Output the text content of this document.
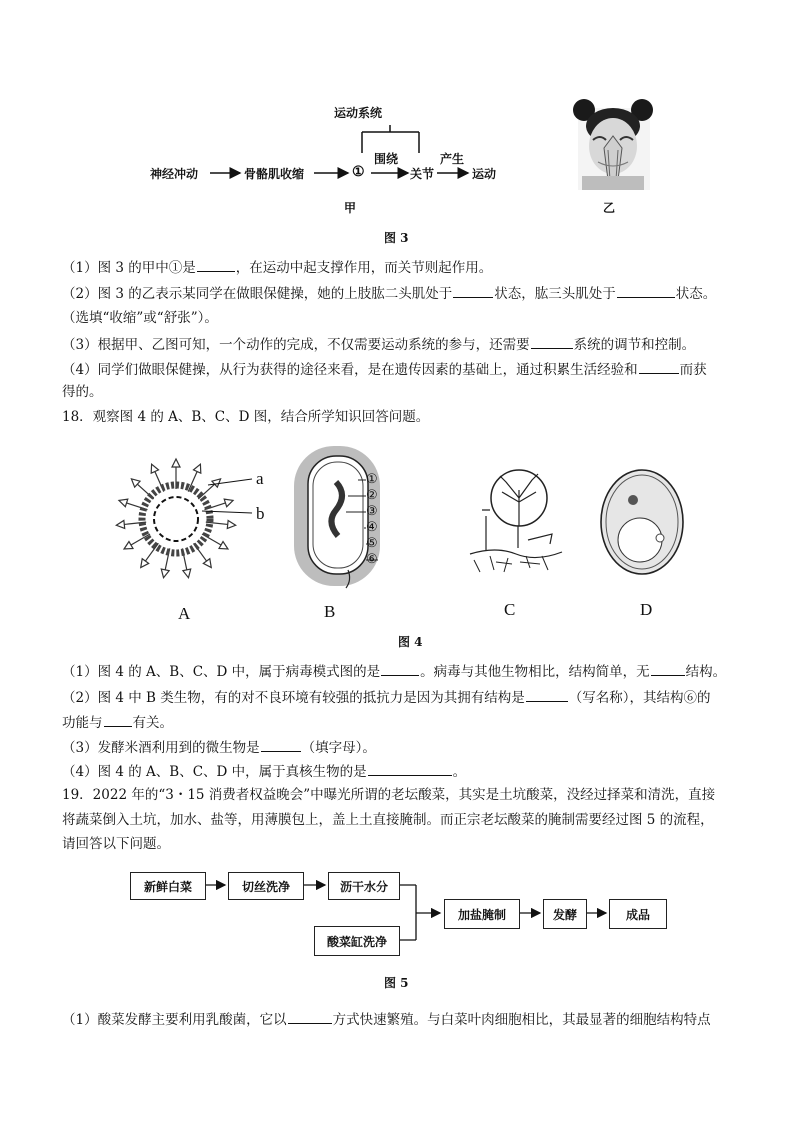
运动系统
神经冲动	骨骼肌收缩	①
围绕
关节
产生
运动
甲	乙
图 3
（1）图 3 的甲中①是	，在运动中起支撑作用，而关节则起作用。
（2）图 3 的乙表示某同学在做眼保健操，她的上肢肱二头肌处于	状态，肱三头肌处于	状态。
（选填“收缩”或“舒张”）。
（3）根据甲、乙图可知，一个动作的完成，不仅需要运动系统的参与，还需要	系统的调节和控制。
（4）同学们做眼保健操，从行为获得的途径来看，是在遗传因素的基础上，通过积累生活经验和	而获
得的。
18．观察图 4 的 A、B、C、D 图，结合所学知识回答问题。
a
b
①
②
③
④
⑤
⑥
A	B	C	D
图 4
（1）图 4 的 A、B、C、D 中，属于病毒模式图的是	。病毒与其他生物相比，结构简单，无	结构。
（2）图 4 中 B 类生物，有的对不良环境有较强的抵抗力是因为其拥有结构是	（写名称），其结构⑥的
功能与 有关。
（3）发酵米酒利用到的微生物是	（填字母）。
（4）图 4 的 A、B、C、D 中，属于真核生物的是	。
19．2022 年的“3・15 消费者权益晚会”中曝光所谓的老坛酸菜，其实是土坑酸菜，没经过择菜和清洗，直接
将蔬菜倒入土坑，加水、盐等，用薄膜包上，盖上土直接腌制。而正宗老坛酸菜的腌制需要经过图 5 的流程，
请回答以下问题。
新鲜白菜	切丝洗净	沥干水分
酸菜缸洗净
加盐腌制	发酵	成品
图 5
（1）酸菜发酵主要利用乳酸菌，它以	方式快速繁殖。与白菜叶肉细胞相比，其最显著的细胞结构特点
